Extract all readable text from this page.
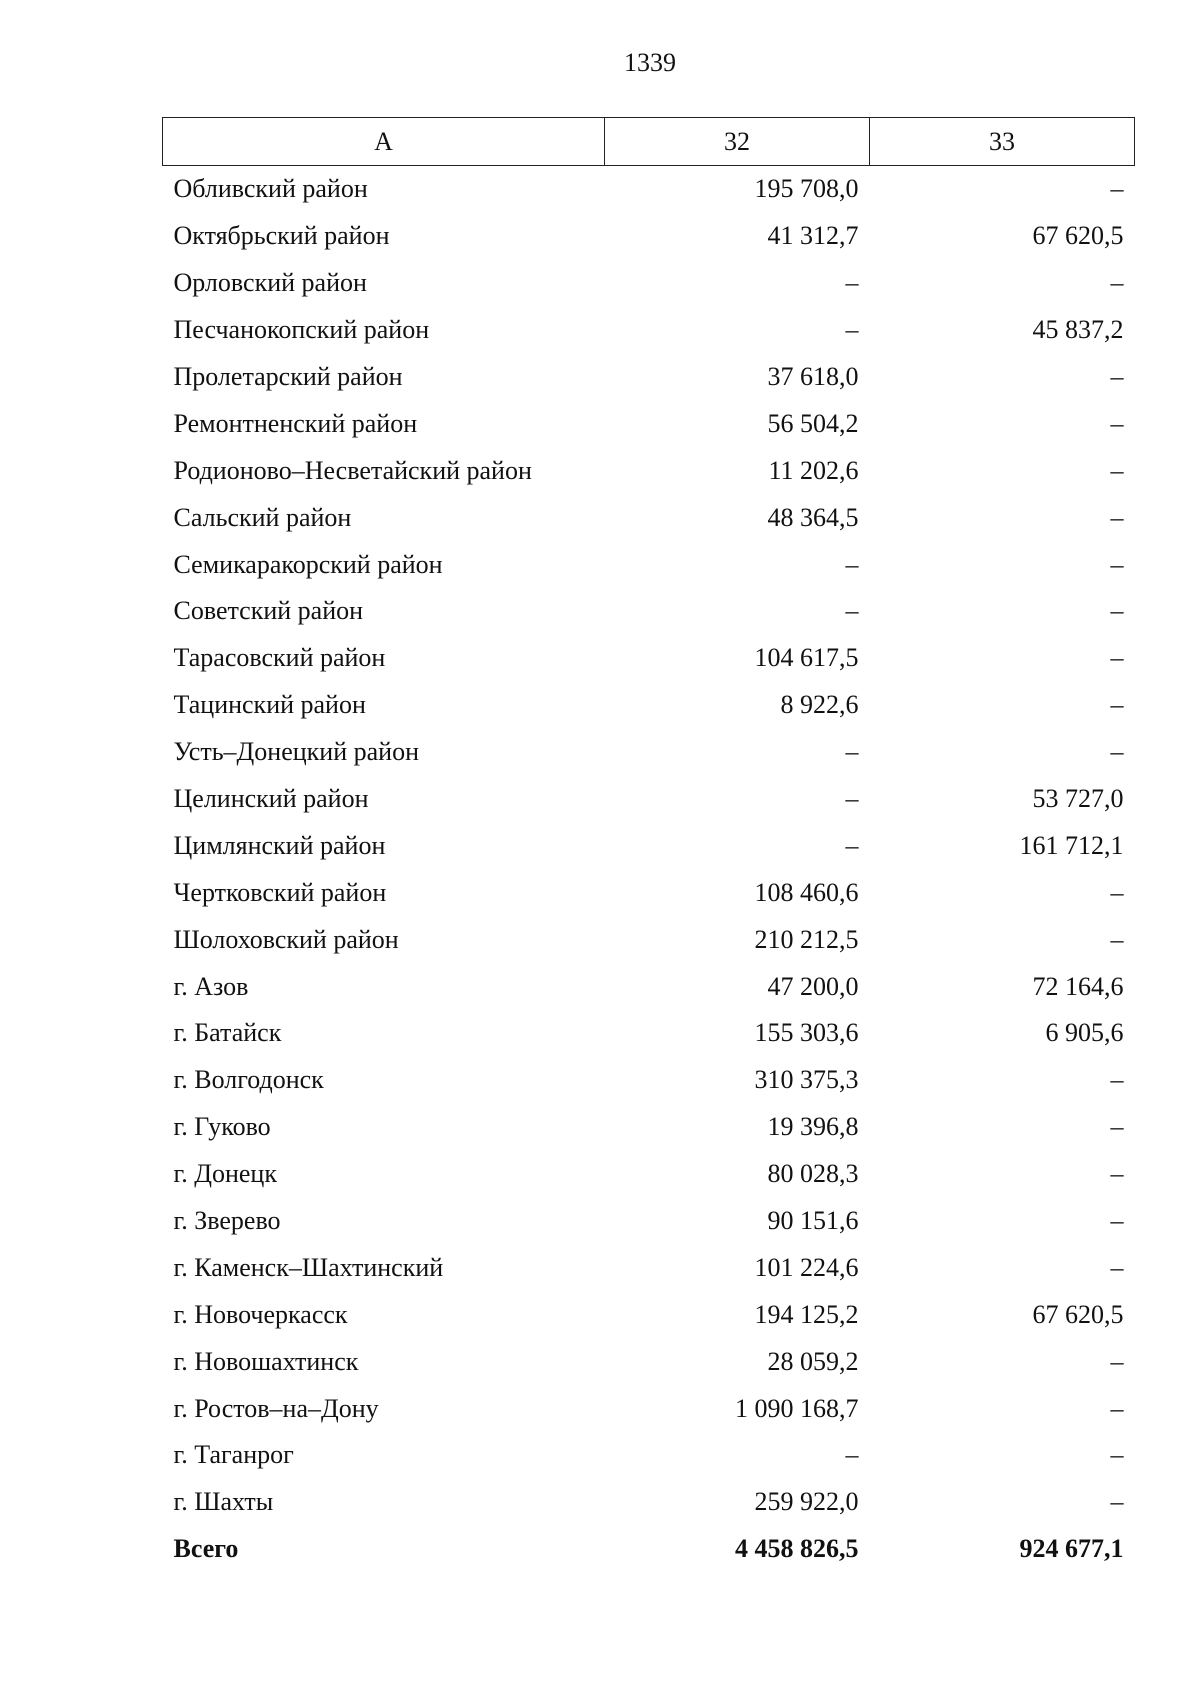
1339
А	32	33
Обливский район	195 708,0	–
Октябрьский район	41 312,7	67 620,5
Орловский район	–	–
Песчанокопский район	–	45 837,2
Пролетарский район	37 618,0	–
Ремонтненский район	56 504,2	–
Родионово–Несветайский район	11 202,6	–
Сальский район	48 364,5	–
Семикаракорский район	–	–
Советский район	–	–
Тарасовский район	104 617,5	–
Тацинский район	8 922,6	–
Усть–Донецкий район	–	–
Целинский район	–	53 727,0
Цимлянский район	–	161 712,1
Чертковский район	108 460,6	–
Шолоховский район	210 212,5	–
г. Азов	47 200,0	72 164,6
г. Батайск	155 303,6	6 905,6
г. Волгодонск	310 375,3	–
г. Гуково	19 396,8	–
г. Донецк	80 028,3	–
г. Зверево	90 151,6	–
г. Каменск–Шахтинский	101 224,6	–
г. Новочеркасск	194 125,2	67 620,5
г. Новошахтинск	28 059,2	–
г. Ростов–на–Дону	1 090 168,7	–
г. Таганрог	–	–
г. Шахты	259 922,0	–
Всего	4 458 826,5	924 677,1
